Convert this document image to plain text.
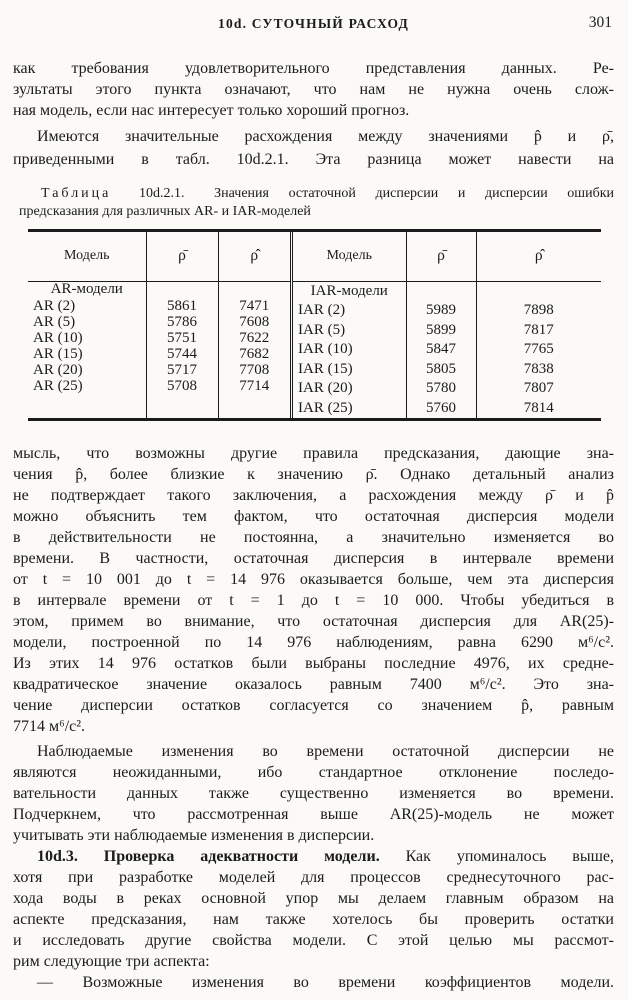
10d. СУТОЧНЫЙ РАСХОД	301
как требования удовлетворительного представления данных. Ре-
зультаты этого пункта означают, что нам не нужна очень слож-
ная модель, если нас интересует только хороший прогноз.
Имеются значительные расхождения между значениями p̂ и ρ̄,
приведенными в табл. 10d.2.1. Эта разница может навести на
Таблица 10d.2.1. Значения остаточной дисперсии и дисперсии ошибки
предсказания для различных AR- и IAR-моделей
Модель	ρ̄	ρ̂
AR-модели		
AR (2)	5861	7471
AR (5)	5786	7608
AR (10)	5751	7622
AR (15)	5744	7682
AR (20)	5717	7708
AR (25)	5708	7714

Модель	ρ̄	ρ̂
IAR-модели		
IAR (2)	5989	7898
IAR (5)	5899	7817
IAR (10)	5847	7765
IAR (15)	5805	7838
IAR (20)	5780	7807
IAR (25)	5760	7814
мысль, что возможны другие правила предсказания, дающие зна-
чения p̂, более близкие к значению ρ̄. Однако детальный анализ
не подтверждает такого заключения, а расхождения между ρ̄ и p̂
можно объяснить тем фактом, что остаточная дисперсия модели
в действительности не постоянна, а значительно изменяется во
времени. В частности, остаточная дисперсия в интервале времени
от t = 10 001 до t = 14 976 оказывается больше, чем эта дисперсия
в интервале времени от t = 1 до t = 10 000. Чтобы убедиться в
этом, примем во внимание, что остаточная дисперсия для AR(25)-
модели, построенной по 14 976 наблюдениям, равна 6290 м⁶/с².
Из этих 14 976 остатков были выбраны последние 4976, их средне-
квадратическое значение оказалось равным 7400 м⁶/с². Это зна-
чение дисперсии остатков согласуется со значением p̂, равным
7714 м⁶/с².
Наблюдаемые изменения во времени остаточной дисперсии не
являются неожиданными, ибо стандартное отклонение последо-
вательности данных также существенно изменяется во времени.
Подчеркнем, что рассмотренная выше AR(25)-модель не может
учитывать эти наблюдаемые изменения в дисперсии.
10d.3. Проверка адекватности модели. Как упоминалось выше,
хотя при разработке моделей для процессов среднесуточного рас-
хода воды в реках основной упор мы делаем главным образом на
аспекте предсказания, нам также хотелось бы проверить остатки
и исследовать другие свойства модели. С этой целью мы рассмот-
рим следующие три аспекта:
— Возможные изменения во времени коэффициентов модели.
